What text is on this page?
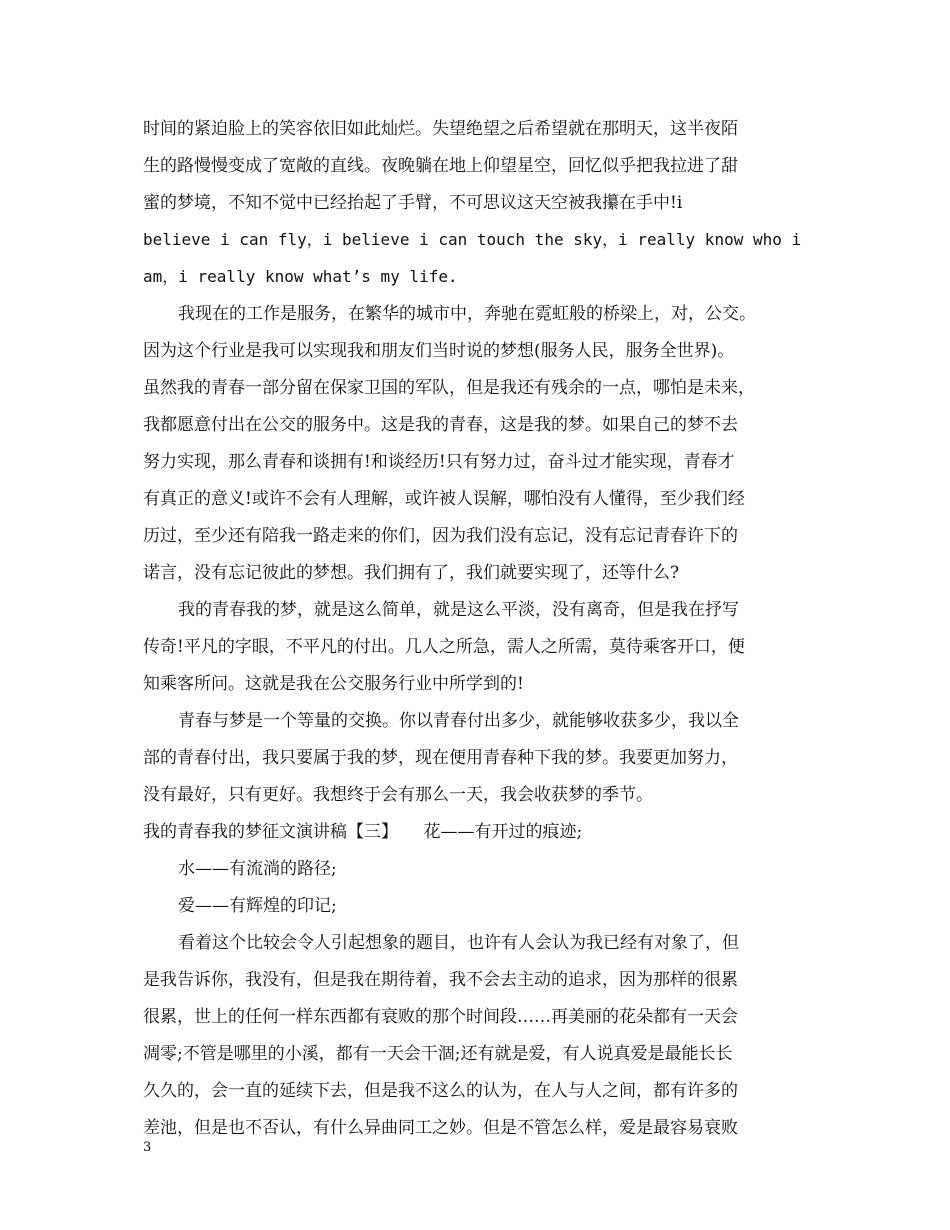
时间的紧迫脸上的笑容依旧如此灿烂。失望绝望之后希望就在那明天，这半夜陌
生的路慢慢变成了宽敞的直线。夜晚躺在地上仰望星空，回忆似乎把我拉进了甜
蜜的梦境，不知不觉中已经抬起了手臂，不可思议这天空被我攥在手中!i
believe i can fly，i believe i can touch the sky，i really know who i
am，i really know what’s my life.
我现在的工作是服务，在繁华的城市中，奔驰在霓虹般的桥梁上，对，公交。
因为这个行业是我可以实现我和朋友们当时说的梦想(服务人民，服务全世界)。
虽然我的青春一部分留在保家卫国的军队，但是我还有残余的一点，哪怕是未来，
我都愿意付出在公交的服务中。这是我的青春，这是我的梦。如果自己的梦不去
努力实现，那么青春和谈拥有!和谈经历!只有努力过，奋斗过才能实现，青春才
有真正的意义!或许不会有人理解，或许被人误解，哪怕没有人懂得，至少我们经
历过，至少还有陪我一路走来的你们，因为我们没有忘记，没有忘记青春许下的
诺言，没有忘记彼此的梦想。我们拥有了，我们就要实现了，还等什么?
我的青春我的梦，就是这么简单，就是这么平淡，没有离奇，但是我在抒写
传奇!平凡的字眼，不平凡的付出。几人之所急，需人之所需，莫待乘客开口，便
知乘客所问。这就是我在公交服务行业中所学到的!
青春与梦是一个等量的交换。你以青春付出多少，就能够收获多少，我以全
部的青春付出，我只要属于我的梦，现在便用青春种下我的梦。我要更加努力，
没有最好，只有更好。我想终于会有那么一天，我会收获梦的季节。
我的青春我的梦征文演讲稿【三】　　花——有开过的痕迹;
水——有流淌的路径;
爱——有辉煌的印记;
看着这个比较会令人引起想象的题目，也许有人会认为我已经有对象了，但
是我告诉你，我没有，但是我在期待着，我不会去主动的追求，因为那样的很累
很累，世上的任何一样东西都有衰败的那个时间段……再美丽的花朵都有一天会
凋零;不管是哪里的小溪，都有一天会干涸;还有就是爱，有人说真爱是最能长长
久久的，会一直的延续下去，但是我不这么的认为，在人与人之间，都有许多的
差池，但是也不否认，有什么异曲同工之妙。但是不管怎么样，爱是最容易衰败
3
